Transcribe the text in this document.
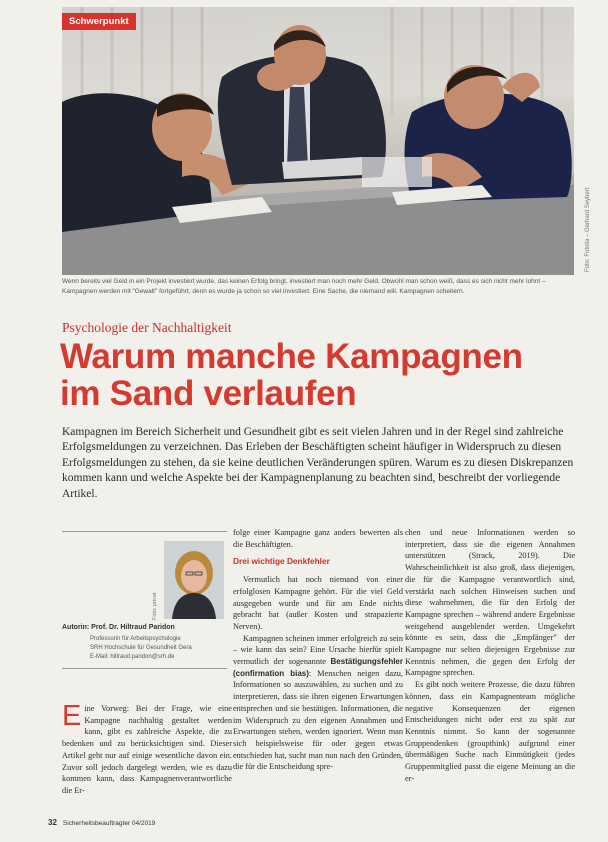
Schwerpunkt
Foto: Fotolia – Gerhard Seybert
Wenn bereits viel Geld in ein Projekt investiert wurde, das keinen Erfolg bringt, investiert man noch mehr Geld. Obwohl man schon weiß, dass es sich nicht mehr lohnt – Kampagnen werden mit "Gewalt" fortgeführt, denn es wurde ja schon so viel investiert. Eine Sache, die niemand will. Kampagnen scheitern.
Psychologie der Nachhaltigkeit
Warum manche Kampagnen im Sand verlaufen
Kampagnen im Bereich Sicherheit und Gesundheit gibt es seit vielen Jahren und in der Regel sind zahlreiche Erfolgsmeldungen zu verzeichnen. Das Erleben der Beschäftigten scheint häufiger in Widerspruch zu diesen Erfolgsmeldungen zu stehen, da sie keine deutlichen Veränderungen spüren. Warum es zu diesen Diskrepanzen kommen kann und welche Aspekte bei der Kampagnenplanung zu beachten sind, beschreibt der vorliegende Artikel.
Foto: privat
Autorin: Prof. Dr. Hiltraud Paridon
Professorin für Arbeitspsychologie
SRH Hochschule für Gesundheit Gera
E-Mail: hiltraud.paridon@srh.de

Eine Vorweg: Bei der Frage, wie eine Kampagne nachhaltig gestaltet werden kann, gibt es zahlreiche Aspekte, die zu bedenken und zu berücksichtigen sind. Dieser Artikel geht nur auf einige wesentliche davon ein. Zuvor soll jedoch dargelegt werden, wie es dazu kommen kann, dass Kampagnenverantwortliche die Er-

folge einer Kampagne ganz anders bewerten als die Beschäftigten.

Drei wichtige Denkfehler

Vermutlich hat noch niemand von einer erfolglosen Kampagne gehört. Für die viel Geld ausgegeben wurde und für am Ende nichts gebracht hat (außer Kosten und strapazierte Nerven).

Kampagnen scheinen immer erfolgreich zu sein – wie kann das sein? Eine Ursache hierfür spielt vermutlich der sogenannte Bestätigungsfehler (confirmation bias): Menschen neigen dazu, Informationen so auszuwählen, zu suchen und zu interpretieren, dass sie ihren eigenen Erwartungen entsprechen und sie bestätigen. Informationen, die im Widerspruch zu den eigenen Annahmen und Erwartungen stehen, werden ignoriert. Wenn man sich beispielsweise für oder gegen etwas entschieden hat, sucht man nun nach den Gründen, die für die Entscheidung spre-

chen und neue Informationen werden so interpretiert, dass sie die eigenen Annahmen unterstützen (Strack, 2019). Die Wahrscheinlichkeit ist also groß, dass diejenigen, die für die Kampagne verantwortlich sind, verstärkt nach solchen Hinweisen suchen und diese wahrnehmen, die für den Erfolg der Kampagne sprechen – während andere Ergebnisse weitgehend ausgeblendet werden. Umgekehrt könnte es sein, dass die „Empfänger" der Kampagne nur selten diejenigen Ergebnisse zur Kenntnis nehmen, die gegen den Erfolg der Kampagne sprechen.

Es gibt noch weitere Prozesse, die dazu führen können, dass ein Kampagnenteam mögliche negative Konsequenzen der eigenen Entscheidungen nicht oder erst zu spät zur Kenntnis nimmt. So kann der sogenannte Gruppendenken (groupthink) aufgrund einer übermäßigen Suche nach Einmütigkeit (jedes Gruppenmitglied passt die eigene Meinung an die er-

32 Sicherheitsbeauftragter 04/2019
